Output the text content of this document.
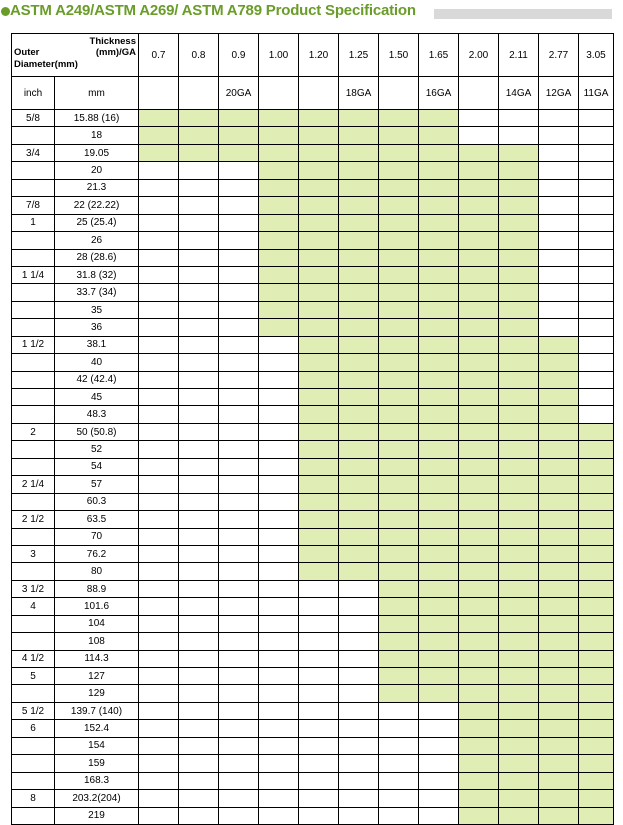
ASTM A249/ASTM A269/ ASTM A789 Product Specification
Thickness
(mm)/GA
Outer
Diameter(mm)		0.7	0.8	0.9	1.00	1.20	1.25	1.50	1.65	2.00	2.11	2.77	3.05
inch	mm			20GA			18GA		16GA		14GA	12GA	11GA
5/8	15.88 (16)												
	18												
3/4	19.05												
	20												
	21.3												
7/8	22 (22.22)												
1	25 (25.4)												
	26												
	28 (28.6)												
1 1/4	31.8 (32)												
	33.7 (34)												
	35												
	36												
1 1/2	38.1												
	40												
	42 (42.4)												
	45												
	48.3												
2	50 (50.8)												
	52												
	54												
2 1/4	57												
	60.3												
2 1/2	63.5												
	70												
3	76.2												
	80												
3 1/2	88.9												
4	101.6												
	104												
	108												
4 1/2	114.3												
5	127												
	129												
5 1/2	139.7 (140)												
6	152.4												
	154												
	159												
	168.3												
8	203.2(204)												
	219												
